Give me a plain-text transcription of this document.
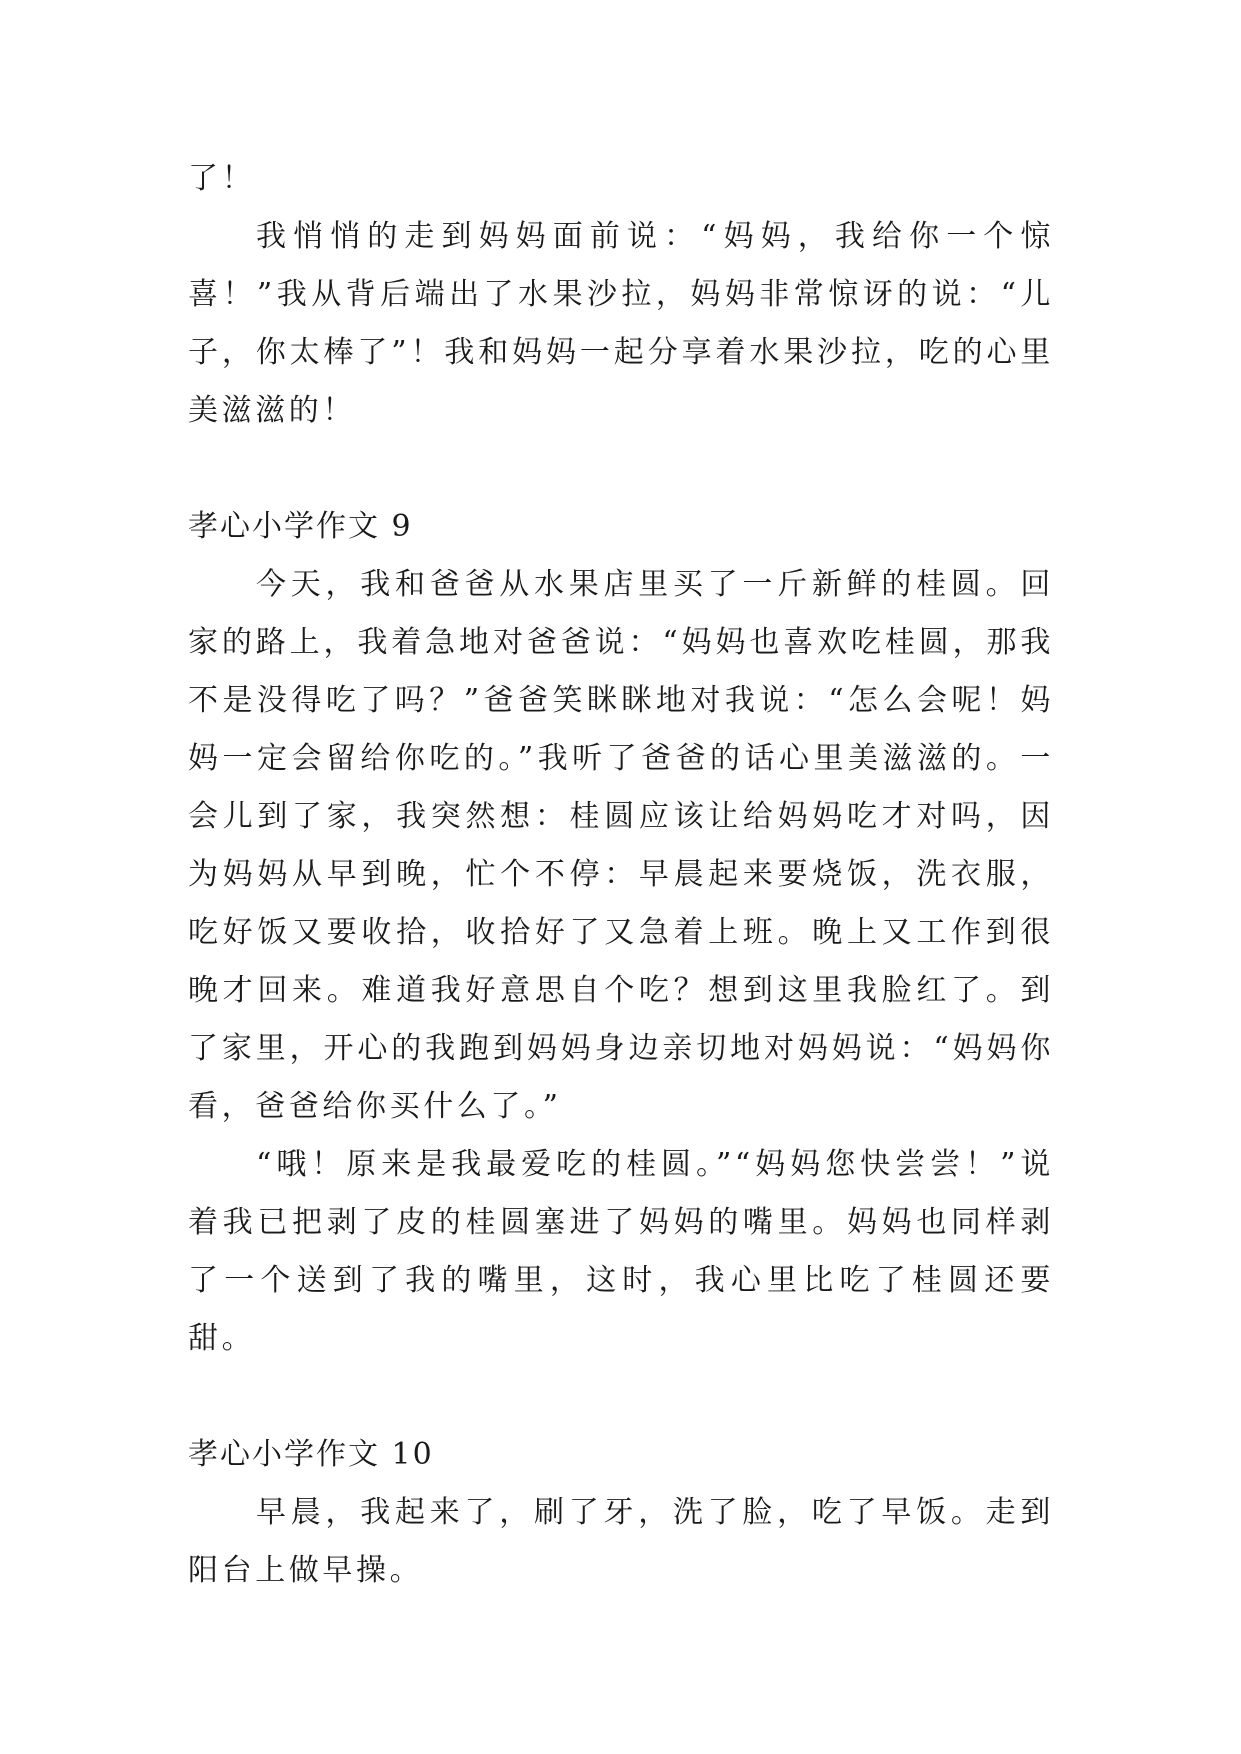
了！

我悄悄的走到妈妈面前说：“妈妈，我给你一个惊喜！”我从背后端出了水果沙拉，妈妈非常惊讶的说：“儿子，你太棒了”！我和妈妈一起分享着水果沙拉，吃的心里美滋滋的！

孝心小学作文 9

今天，我和爸爸从水果店里买了一斤新鲜的桂圆。回家的路上，我着急地对爸爸说：“妈妈也喜欢吃桂圆，那我不是没得吃了吗？”爸爸笑眯眯地对我说：“怎么会呢！妈妈一定会留给你吃的。”我听了爸爸的话心里美滋滋的。一会儿到了家，我突然想：桂圆应该让给妈妈吃才对吗，因为妈妈从早到晚，忙个不停：早晨起来要烧饭，洗衣服，吃好饭又要收拾，收拾好了又急着上班。晚上又工作到很晚才回来。难道我好意思自个吃？想到这里我脸红了。到了家里，开心的我跑到妈妈身边亲切地对妈妈说：“妈妈你看，爸爸给你买什么了。”

“哦！原来是我最爱吃的桂圆。”“妈妈您快尝尝！”说着我已把剥了皮的桂圆塞进了妈妈的嘴里。妈妈也同样剥了一个送到了我的嘴里，这时，我心里比吃了桂圆还要甜。

孝心小学作文 10

早晨，我起来了，刷了牙，洗了脸，吃了早饭。走到阳台上做早操。
